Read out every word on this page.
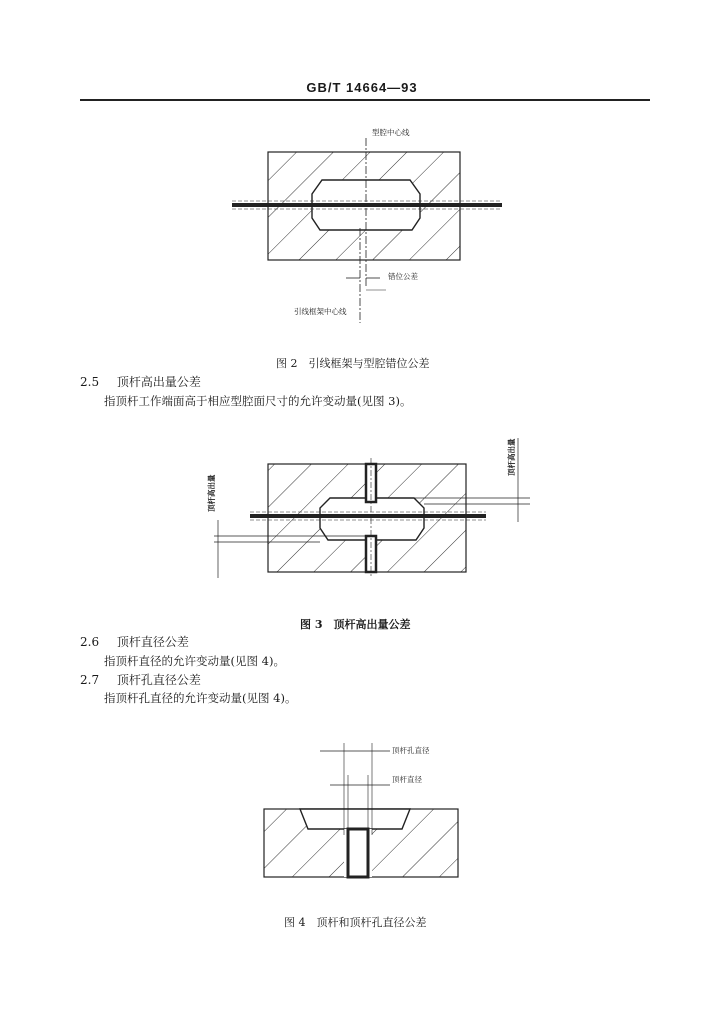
GB/T 14664—93
型腔中心线
错位公差
引线框架中心线
图 2　引线框架与型腔错位公差
2.5 顶杆高出量公差
指顶杆工作端面高于相应型腔面尺寸的允许变动量(见图 3)。
顶杆高出量
顶杆高出量
图 3　顶杆高出量公差
2.6 顶杆直径公差
指顶杆直径的允许变动量(见图 4)。
2.7 顶杆孔直径公差
指顶杆孔直径的允许变动量(见图 4)。
顶杆孔直径
顶杆直径
图 4　顶杆和顶杆孔直径公差
